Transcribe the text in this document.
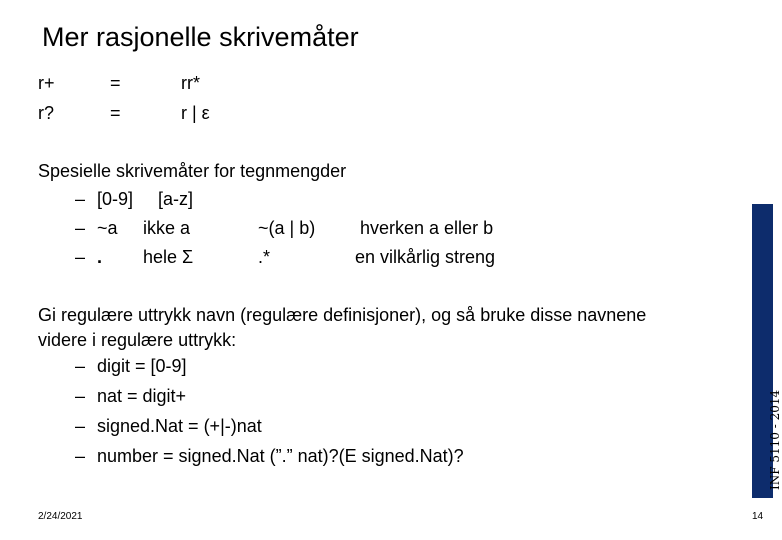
Mer rasjonelle skrivemåter
r+	=	rr*
r?	=	r | ε
Spesielle skrivemåter for tegnmengder
– [0-9] [a-z]
– ~a ikke a	~(a | b) hverken a eller b
– . hele Σ	.*	en vilkårlig streng
Gi regulære uttrykk navn (regulære definisjoner), og så bruke disse navnene
videre i regulære uttrykk:
– digit = [0-9]
– nat = digit+
– signed.Nat = (+|-)nat
– number = signed.Nat (”.” nat)?(E signed.Nat)?	INF 5110 - 2014
2/24/2021	14
